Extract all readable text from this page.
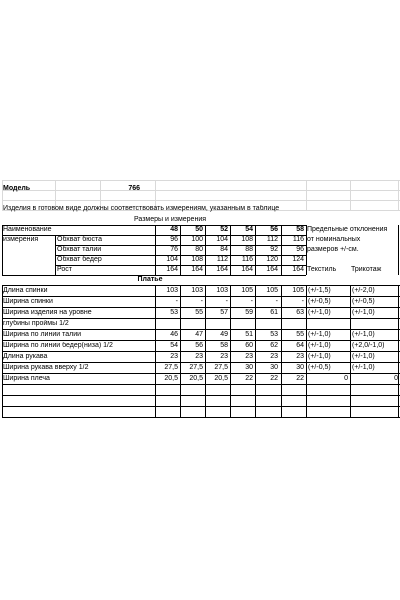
Модель	766
Изделия в готовом виде должны соответствовать измерениям, указанным в таблице
Размеры и измерения
Наименование
измерения
48	50	52	54	56	58 Предельные отклонения
от номинальных
Обхват бюста	96	100	104	108	112	116
Обхват талии	76	80	84	88	92	96 размеров +/-см.
Обхват бедер	104	108	112	116	120	124
Рост	164	164	164	164	164	164 Текстиль	Трикотаж
Платье
Длина спинки	103	103	103	105	105	105 (+/-1,5)	(+/-2,0)
Ширина спинки	-	-	-	-	-	- (+/-0,5)	(+/-0,5)
Ширина изделия на уровне	53	55	57	59	61	63 (+/-1,0)	(+/-1,0)
глубины проймы 1/2
Ширина по линии талии	46	47	49	51	53	55 (+/-1,0)	(+/-1,0)
Ширина по линии бедер(низа) 1/2	54	56	58	60	62	64 (+/-1,0)	(+2,0/-1,0)
Длина рукава	23	23	23	23	23	23 (+/-1,0)	(+/-1,0)
Ширина рукава вверху 1/2	27,5	27,5	27,5	30	30	30 (+/-0,5)	(+/-1,0)
Ширина плеча	20,5	20,5	20,5	22	22	22	0	0
